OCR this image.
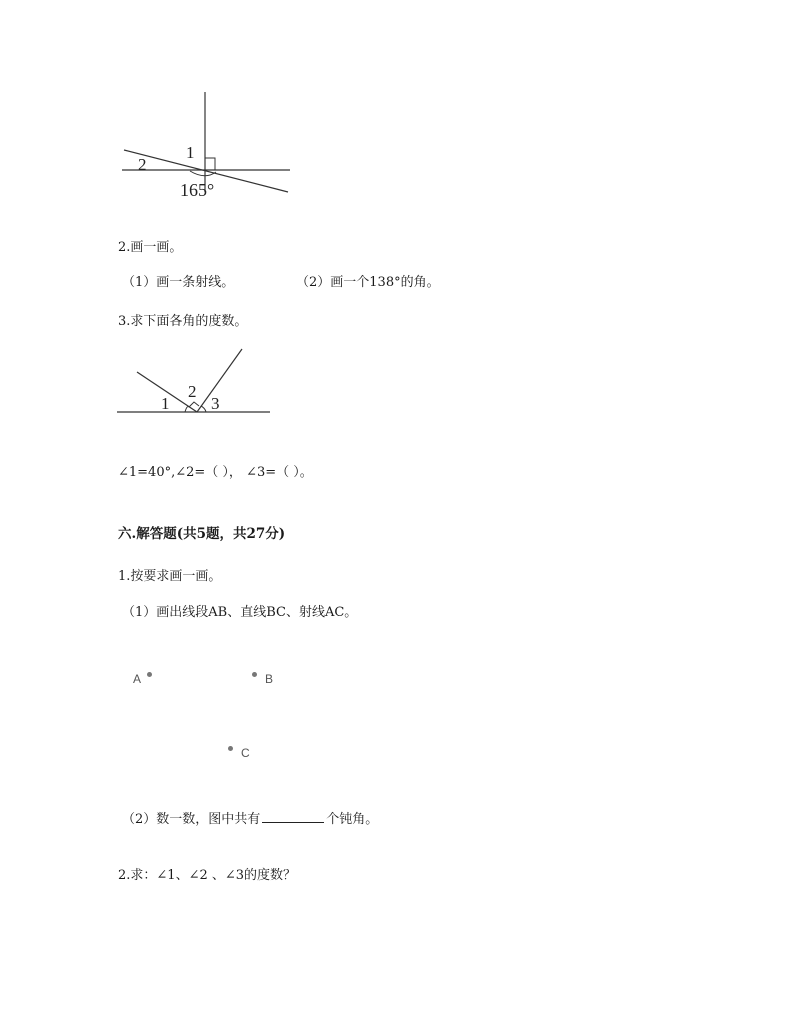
1
2
165°
2.画一画。
（1）画一条射线。	（2）画一个138°的角。
3.求下面各角的度数。
1
2
3
∠1=40°,∠2=（ ）， ∠3=（ ）。
六.解答题(共5题，共27分)
1.按要求画一画。
（1）画出线段AB、直线BC、射线AC。
A	B
C
（2）数一数，图中共有	个钝角。
2.求：∠1、∠2 、∠3的度数？
